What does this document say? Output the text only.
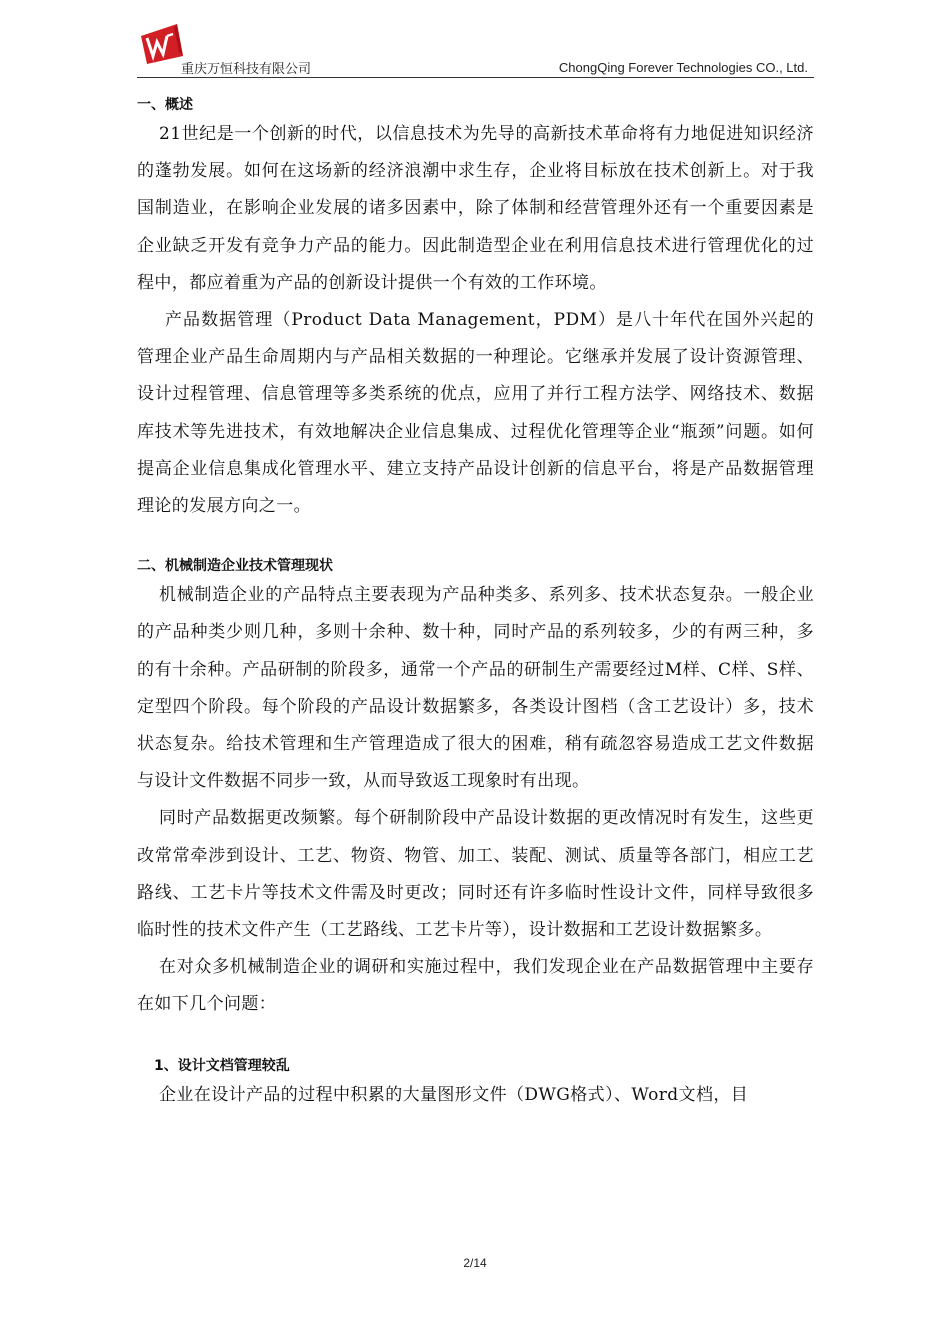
重庆万恒科技有限公司	ChongQing Forever Technologies CO., Ltd.
一、概述

21世纪是一个创新的时代，以信息技术为先导的高新技术革命将有力地促进知识经济的蓬勃发展。如何在这场新的经济浪潮中求生存，企业将目标放在技术创新上。对于我国制造业，在影响企业发展的诸多因素中，除了体制和经营管理外还有一个重要因素是企业缺乏开发有竞争力产品的能力。因此制造型企业在利用信息技术进行管理优化的过程中，都应着重为产品的创新设计提供一个有效的工作环境。

产品数据管理（Product Data Management，PDM）是八十年代在国外兴起的管理企业产品生命周期内与产品相关数据的一种理论。它继承并发展了设计资源管理、设计过程管理、信息管理等多类系统的优点，应用了并行工程方法学、网络技术、数据库技术等先进技术，有效地解决企业信息集成、过程优化管理等企业“瓶颈”问题。如何提高企业信息集成化管理水平、建立支持产品设计创新的信息平台，将是产品数据管理理论的发展方向之一。

二、机械制造企业技术管理现状

机械制造企业的产品特点主要表现为产品种类多、系列多、技术状态复杂。一般企业的产品种类少则几种，多则十余种、数十种，同时产品的系列较多，少的有两三种，多的有十余种。产品研制的阶段多，通常一个产品的研制生产需要经过M样、C样、S样、定型四个阶段。每个阶段的产品设计数据繁多，各类设计图档（含工艺设计）多，技术状态复杂。给技术管理和生产管理造成了很大的困难，稍有疏忽容易造成工艺文件数据与设计文件数据不同步一致，从而导致返工现象时有出现。

同时产品数据更改频繁。每个研制阶段中产品设计数据的更改情况时有发生，这些更改常常牵涉到设计、工艺、物资、物管、加工、装配、测试、质量等各部门，相应工艺路线、工艺卡片等技术文件需及时更改；同时还有许多临时性设计文件，同样导致很多临时性的技术文件产生（工艺路线、工艺卡片等），设计数据和工艺设计数据繁多。

在对众多机械制造企业的调研和实施过程中，我们发现企业在产品数据管理中主要存在如下几个问题：

1、设计文档管理较乱

企业在设计产品的过程中积累的大量图形文件（DWG格式）、Word文档，目

2/14
